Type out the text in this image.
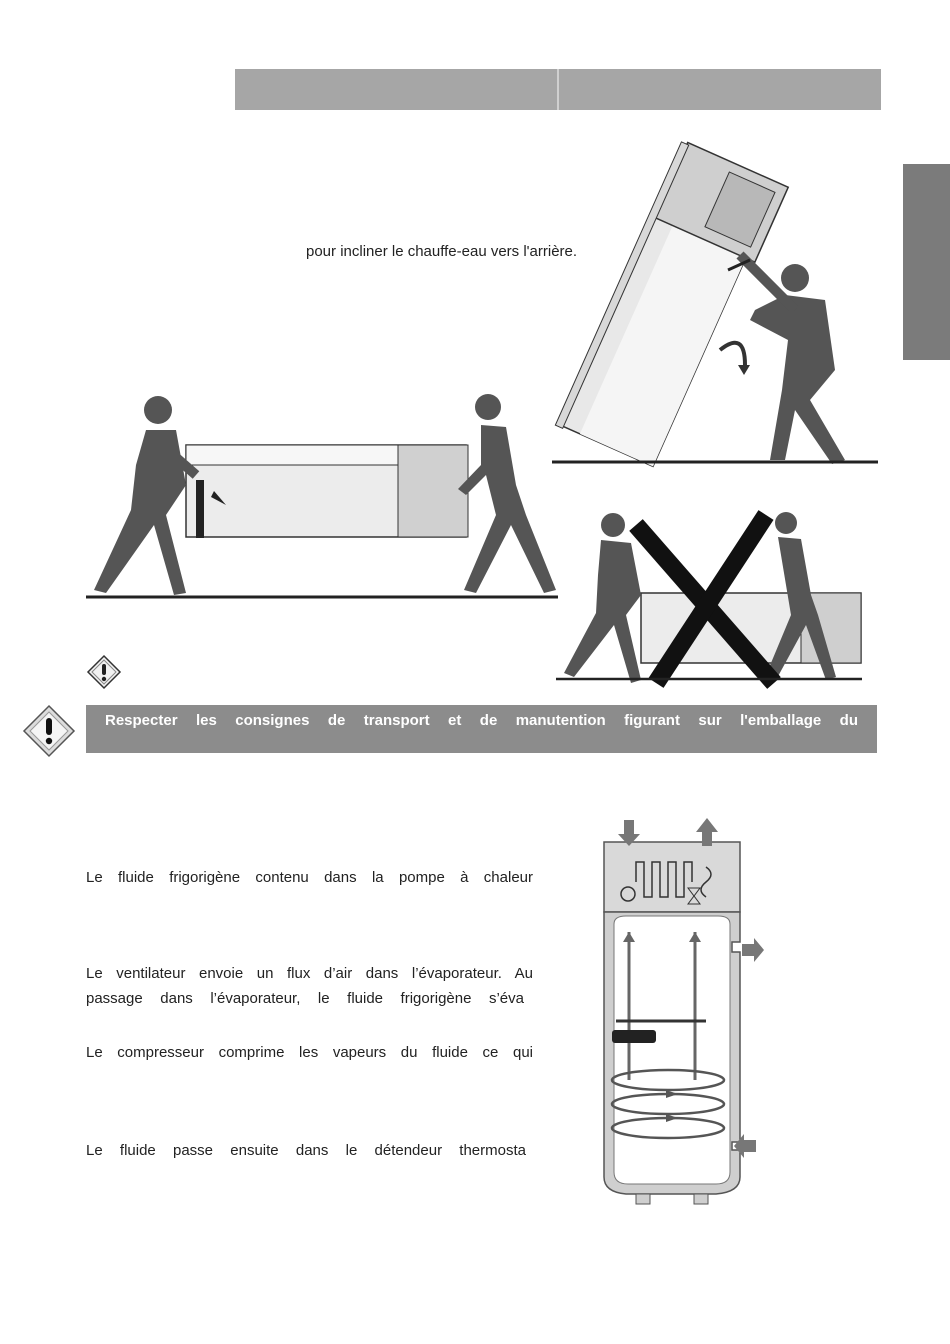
pour incliner le chauffe-eau vers l'arrière.
Respecter les consignes de transport et de manutention figurant sur l'emballage du
Le fluide frigorigène contenu dans la pompe à chaleur
Le ventilateur envoie un flux d’air dans l’évaporateur. Au
passage dans l’évaporateur, le fluide frigorigène s’éva
Le compresseur comprime les vapeurs du fluide ce qui
Le fluide passe ensuite dans le détendeur thermosta
